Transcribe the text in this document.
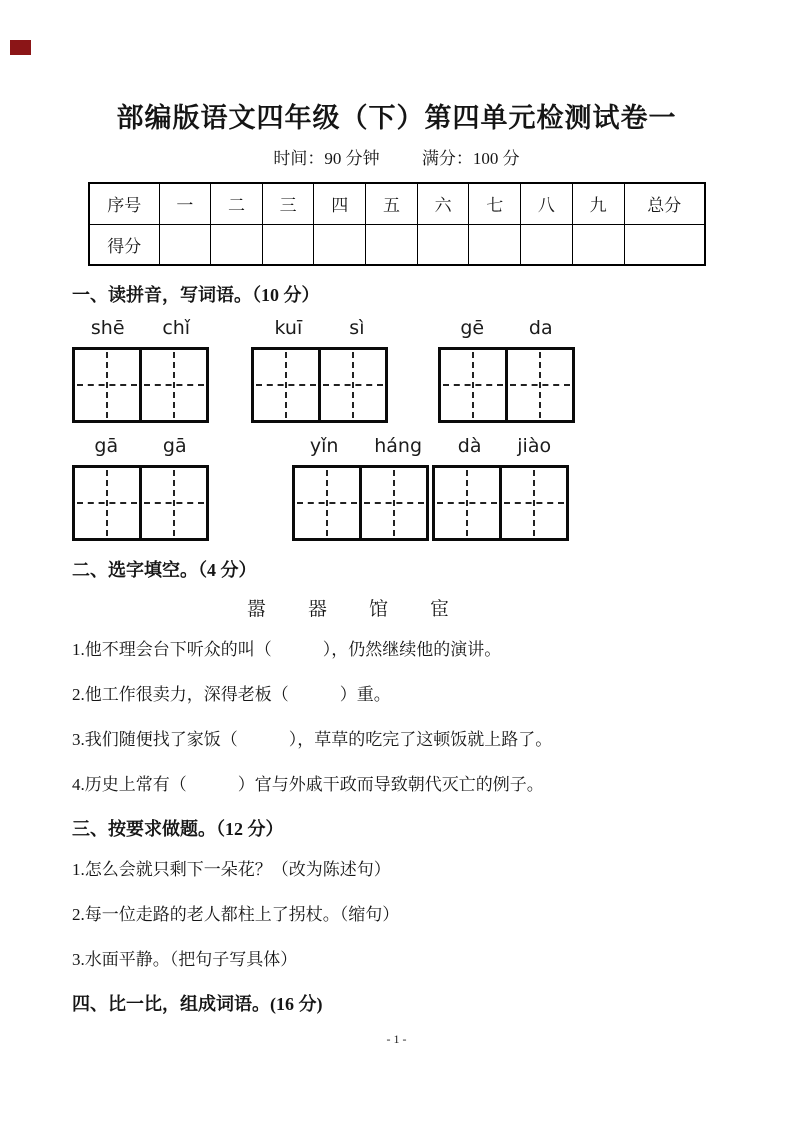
部编版语文四年级（下）第四单元检测试卷一
时间：90 分钟 满分：100 分
序号	一	二	三	四	五	六	七	八	九	总分
得分										
一、读拼音，写词语。（10 分）
shē chǐ	kuī sì	gē da
gā gā	yǐn háng dà jiào
二、选字填空。（4 分）
嚣 器 馆 宦
1.他不理会台下听众的叫（　　　），仍然继续他的演讲。
2.他工作很卖力，深得老板（　　　）重。
3.我们随便找了家饭（　　　），草草的吃完了这顿饭就上路了。
4.历史上常有（　　　）官与外戚干政而导致朝代灭亡的例子。
三、按要求做题。（12 分）
1.怎么会就只剩下一朵花？（改为陈述句）
2.每一位走路的老人都柱上了拐杖。（缩句）
3.水面平静。（把句子写具体）
四、比一比，组成词语。(16 分)
- 1 -
